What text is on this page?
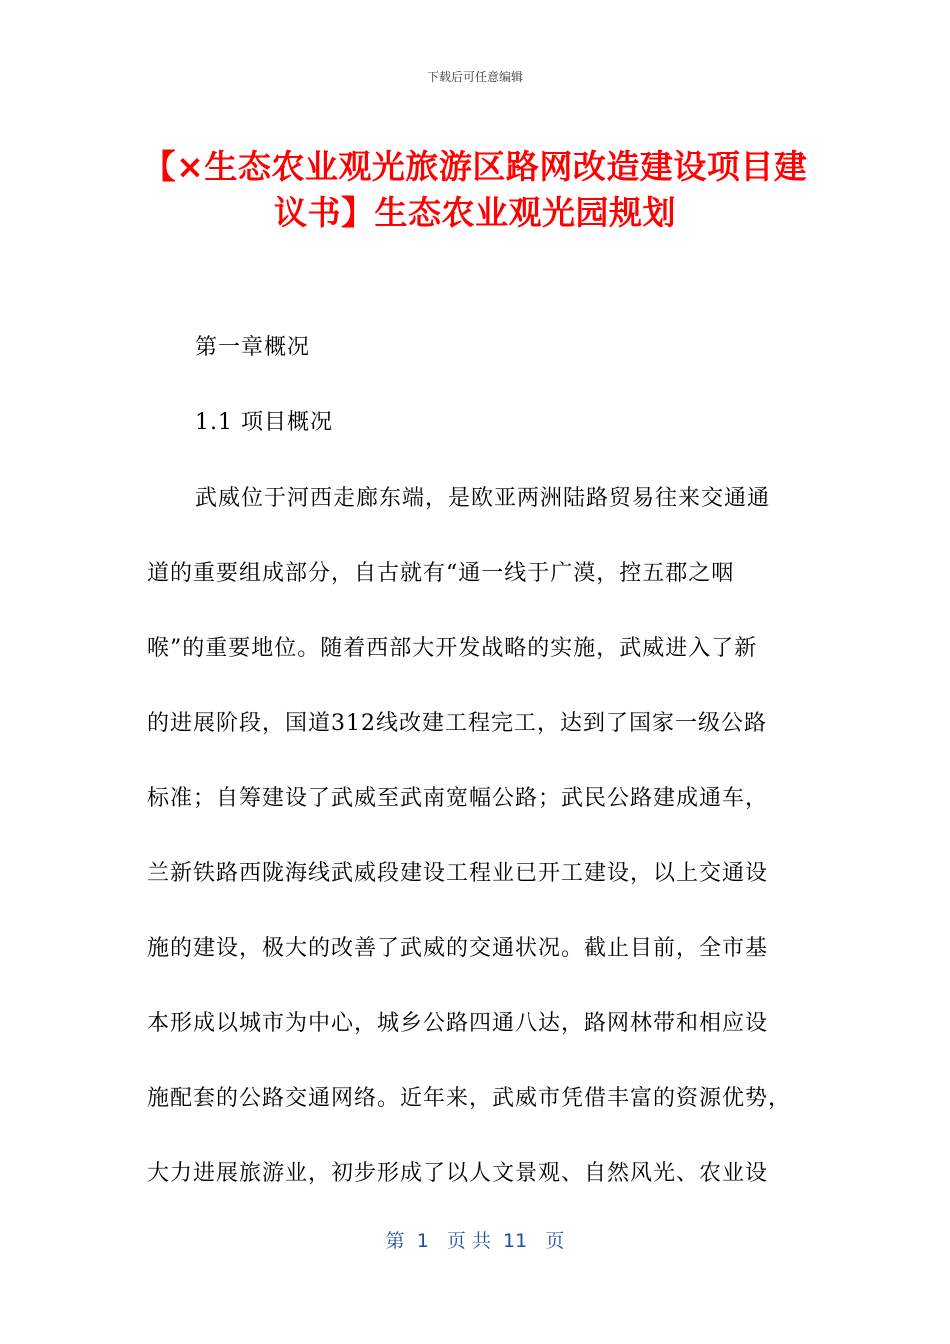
下载后可任意编辑
【×生态农业观光旅游区路网改造建设项目建
议书】生态农业观光园规划
第一章概况
1.1 项目概况
武威位于河西走廊东端，是欧亚两洲陆路贸易往来交通通
道的重要组成部分，自古就有“通一线于广漠，控五郡之咽
喉”的重要地位。随着西部大开发战略的实施，武威进入了新
的进展阶段，国道312线改建工程完工，达到了国家一级公路
标准；自筹建设了武威至武南宽幅公路；武民公路建成通车，
兰新铁路西陇海线武威段建设工程业已开工建设，以上交通设
施的建设，极大的改善了武威的交通状况。截止目前，全市基
本形成以城市为中心，城乡公路四通八达，路网林带和相应设
施配套的公路交通网络。近年来，武威市凭借丰富的资源优势，
大力进展旅游业，初步形成了以人文景观、自然风光、农业设
第  1   页 共  11   页
